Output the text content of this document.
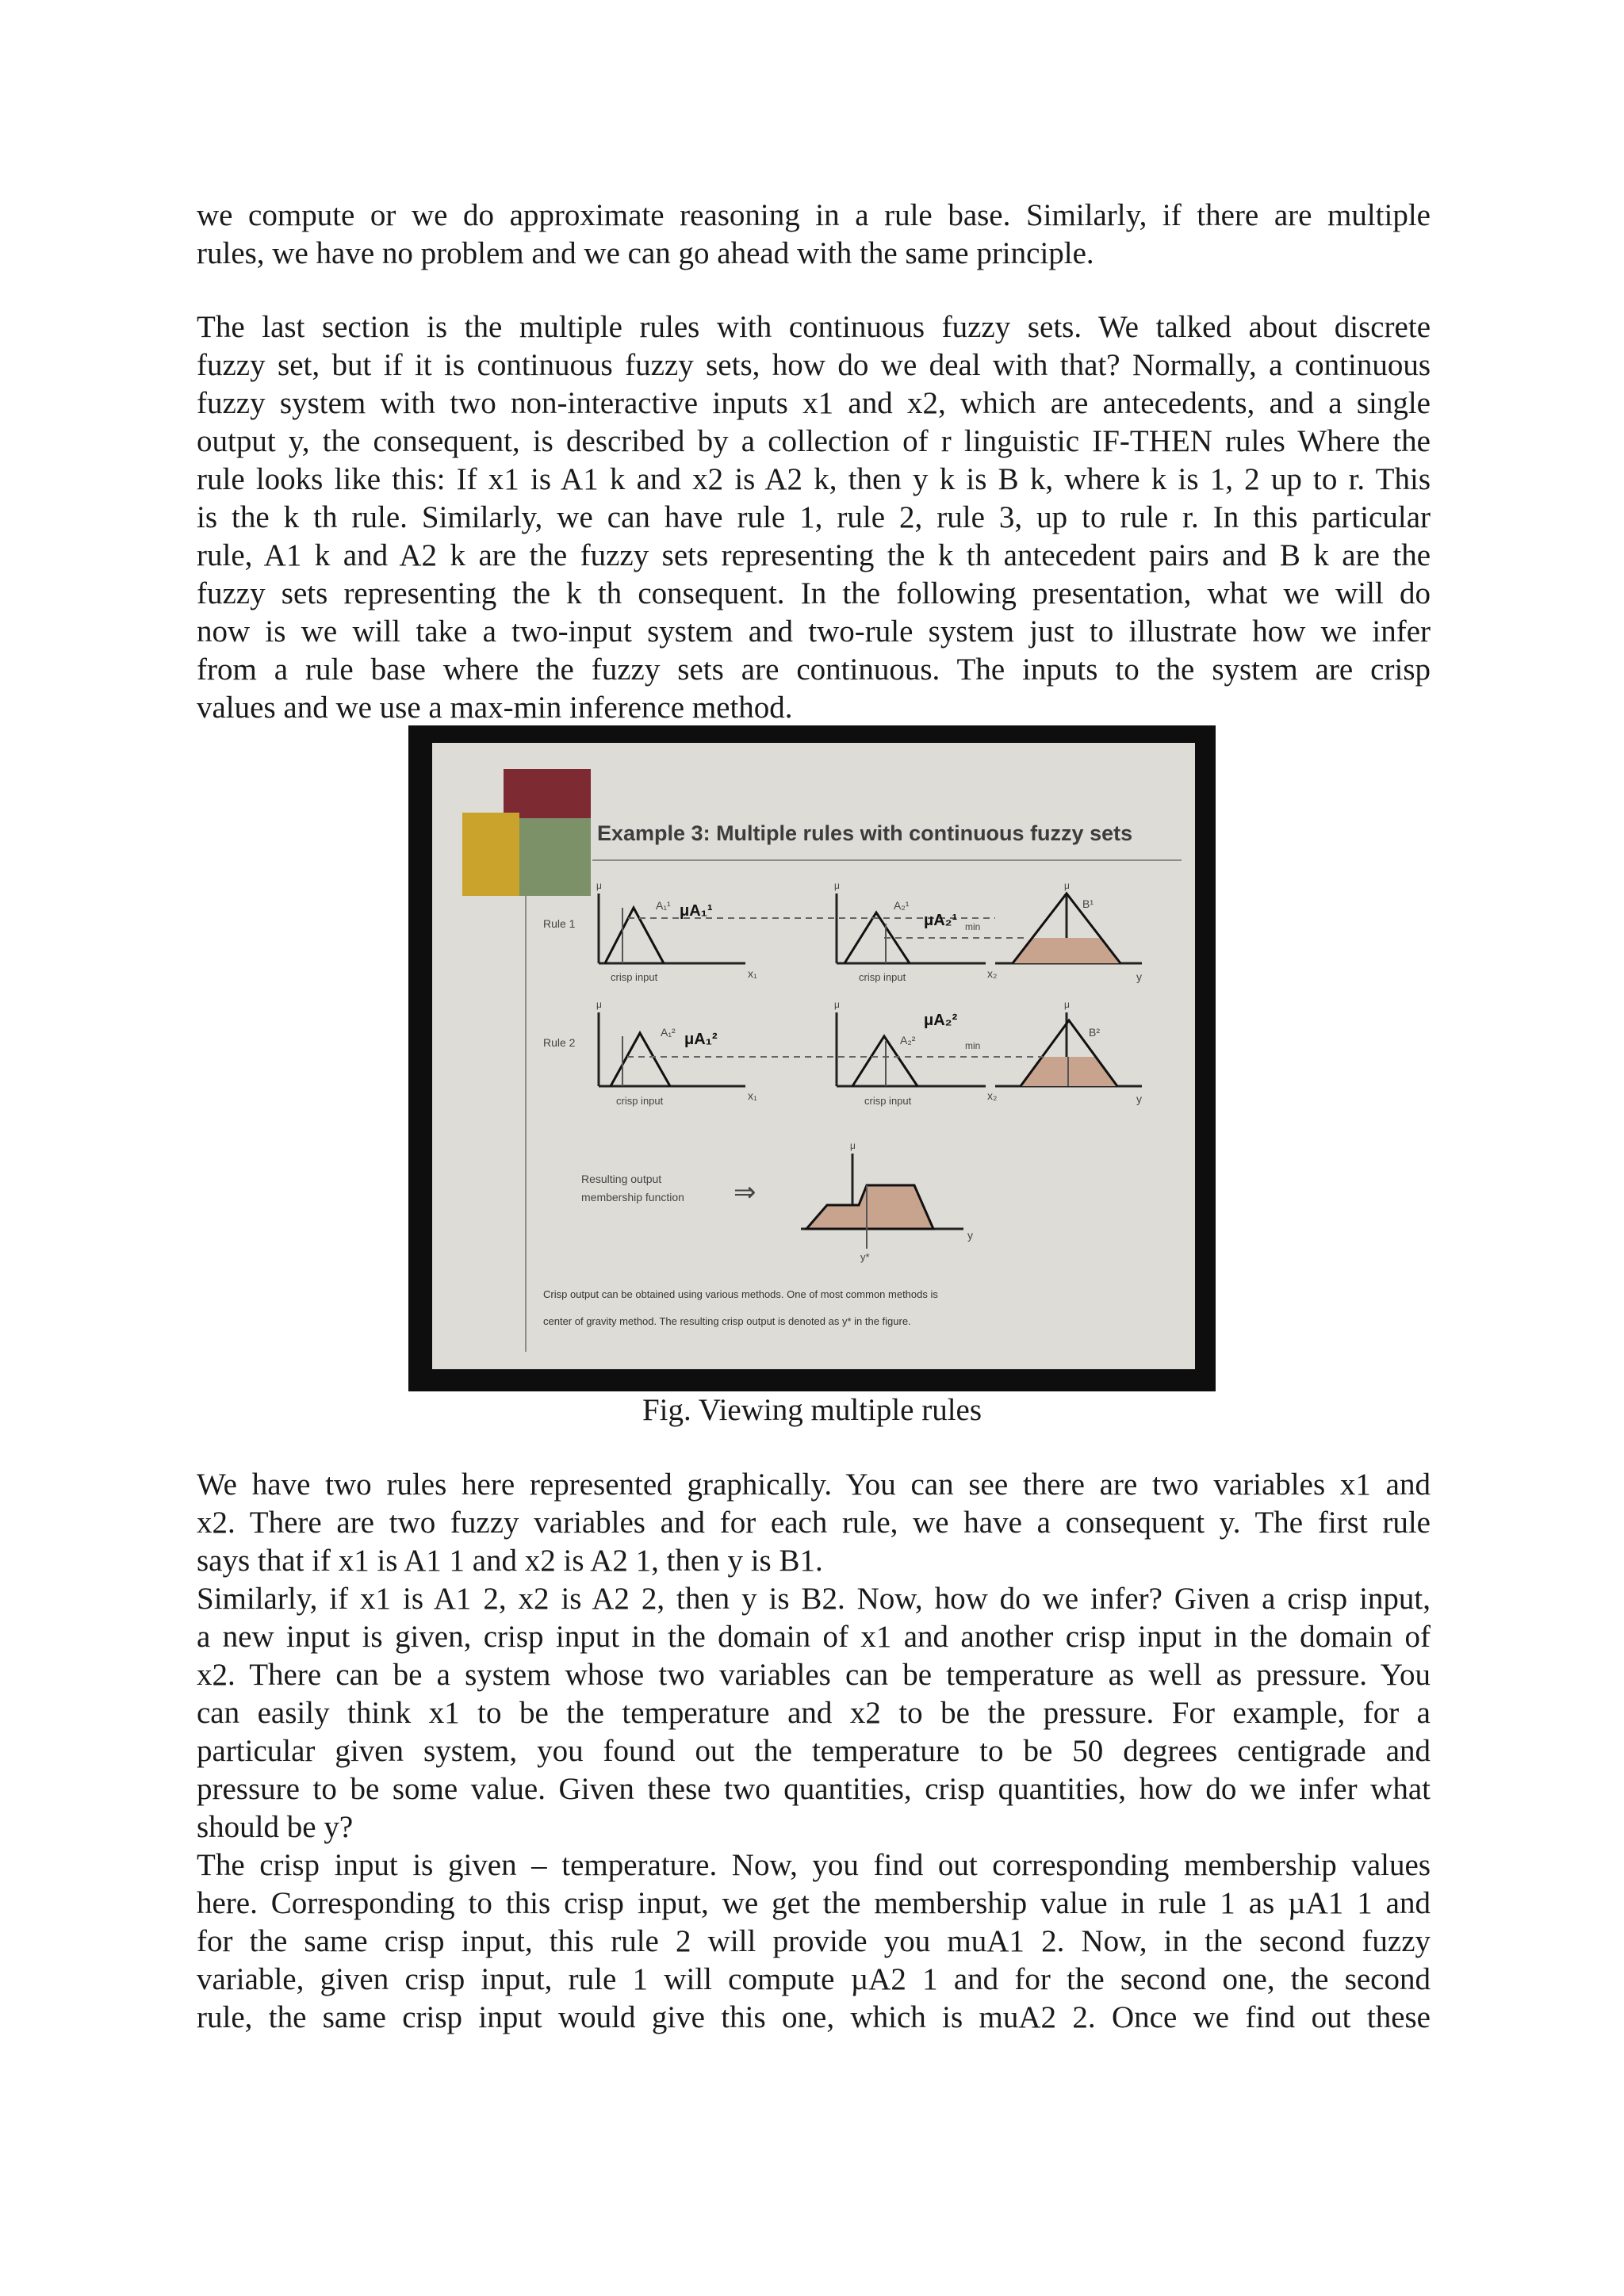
we compute or we do approximate reasoning in a rule base. Similarly, if there are multiple
rules, we have no problem and we can go ahead with the same principle.

The last section is the multiple rules with continuous fuzzy sets. We talked about discrete
fuzzy set, but if it is continuous fuzzy sets, how do we deal with that? Normally, a continuous
fuzzy system with two non-interactive inputs x1 and x2, which are antecedents, and a single
output y, the consequent, is described by a collection of r linguistic IF-THEN rules Where the
rule looks like this: If x1 is A1 k and x2 is A2 k, then y k is B k, where k is 1, 2 up to r. This
is the k th rule. Similarly, we can have rule 1, rule 2, rule 3, up to rule r. In this particular
rule, A1 k and A2 k are the fuzzy sets representing the k th antecedent pairs and B k are the
fuzzy sets representing the k th consequent. In the following presentation, what we will do
now is we will take a two-input system and two-rule system just to illustrate how we infer
from a rule base where the fuzzy sets are continuous. The inputs to the system are crisp
values and we use a max-min inference method.

Example 3: Multiple rules with continuous fuzzy sets
Rule 1
A₁¹ μA₁¹	A₂¹
μA₂¹ min
B¹
crisp input	crisp input
x₁	x₂	y
μ	μ	μ
Rule 2
A₁² μA₁²	A₂²
μA₂²
min
B²
crisp input	crisp input
x₁	x₂	y
μ	μ	μ
Resulting output
membership function ⇒
y*
μ
y
Crisp output can be obtained using various methods. One of most common methods is
center of gravity method. The resulting crisp output is denoted as y* in the figure.
Fig. Viewing multiple rules

We have two rules here represented graphically. You can see there are two variables x1 and
x2. There are two fuzzy variables and for each rule, we have a consequent y. The first rule
says that if x1 is A1 1 and x2 is A2 1, then y is B1.
Similarly, if x1 is A1 2, x2 is A2 2, then y is B2. Now, how do we infer? Given a crisp input,
a new input is given, crisp input in the domain of x1 and another crisp input in the domain of
x2. There can be a system whose two variables can be temperature as well as pressure. You
can easily think x1 to be the temperature and x2 to be the pressure. For example, for a
particular given system, you found out the temperature to be 50 degrees centigrade and
pressure to be some value. Given these two quantities, crisp quantities, how do we infer what
should be y?
The crisp input is given – temperature. Now, you find out corresponding membership values
here. Corresponding to this crisp input, we get the membership value in rule 1 as µA1 1 and
for the same crisp input, this rule 2 will provide you muA1 2. Now, in the second fuzzy
variable, given crisp input, rule 1 will compute µA2 1 and for the second one, the second
rule, the same crisp input would give this one, which is muA2 2. Once we find out these
